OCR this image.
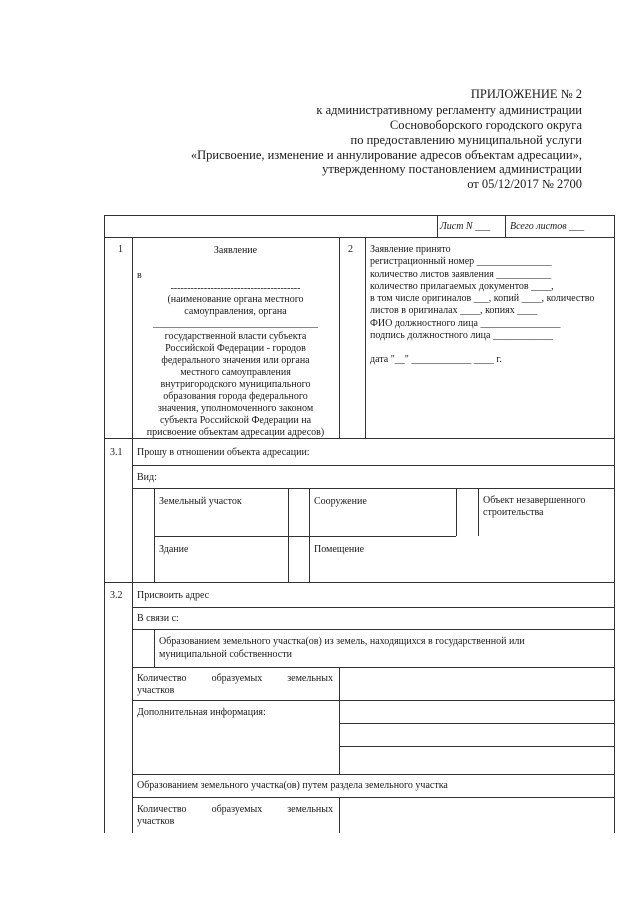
ПРИЛОЖЕНИЕ № 2
к административному регламенту администрации
Сосновоборского городского округа
по предоставлению муниципальной услуги
«Присвоение, изменение и аннулирование адресов объектам адресации»,
утвержденному постановлением администрации
от 05/12/2017 № 2700
Лист N ___ Всего листов ___
1	Заявление
в
---------------------------------------
(наименование органа местного
самоуправления, органа
_________________________________
государственной власти субъекта
Российской Федерации - городов
федерального значения или органа
местного самоуправления
внутригородского муниципального
образования города федерального
значения, уполномоченного законом
субъекта Российской Федерации на
присвоение объектам адресации адресов)
2 Заявление принято
регистрационный номер _______________
количество листов заявления ___________
количество прилагаемых документов ____,
в том числе оригиналов ___, копий ____, количество
листов в оригиналах ____, копиях ____
ФИО должностного лица ________________
подпись должностного лица ____________
дата "__" ____________ ____ г.
3.1 Прошу в отношении объекта адресации:
Вид:
Земельный участок	Сооружение	Объект незавершенного
строительства
Здание	Помещение
3.2 Присвоить адрес
В связи с:
Образованием земельного участка(ов) из земель, находящихся в государственной или
муниципальной собственности
Количество образуемых земельных
участков
Дополнительная информация:
Образованием земельного участка(ов) путем раздела земельного участка
Количество образуемых земельных
участков
